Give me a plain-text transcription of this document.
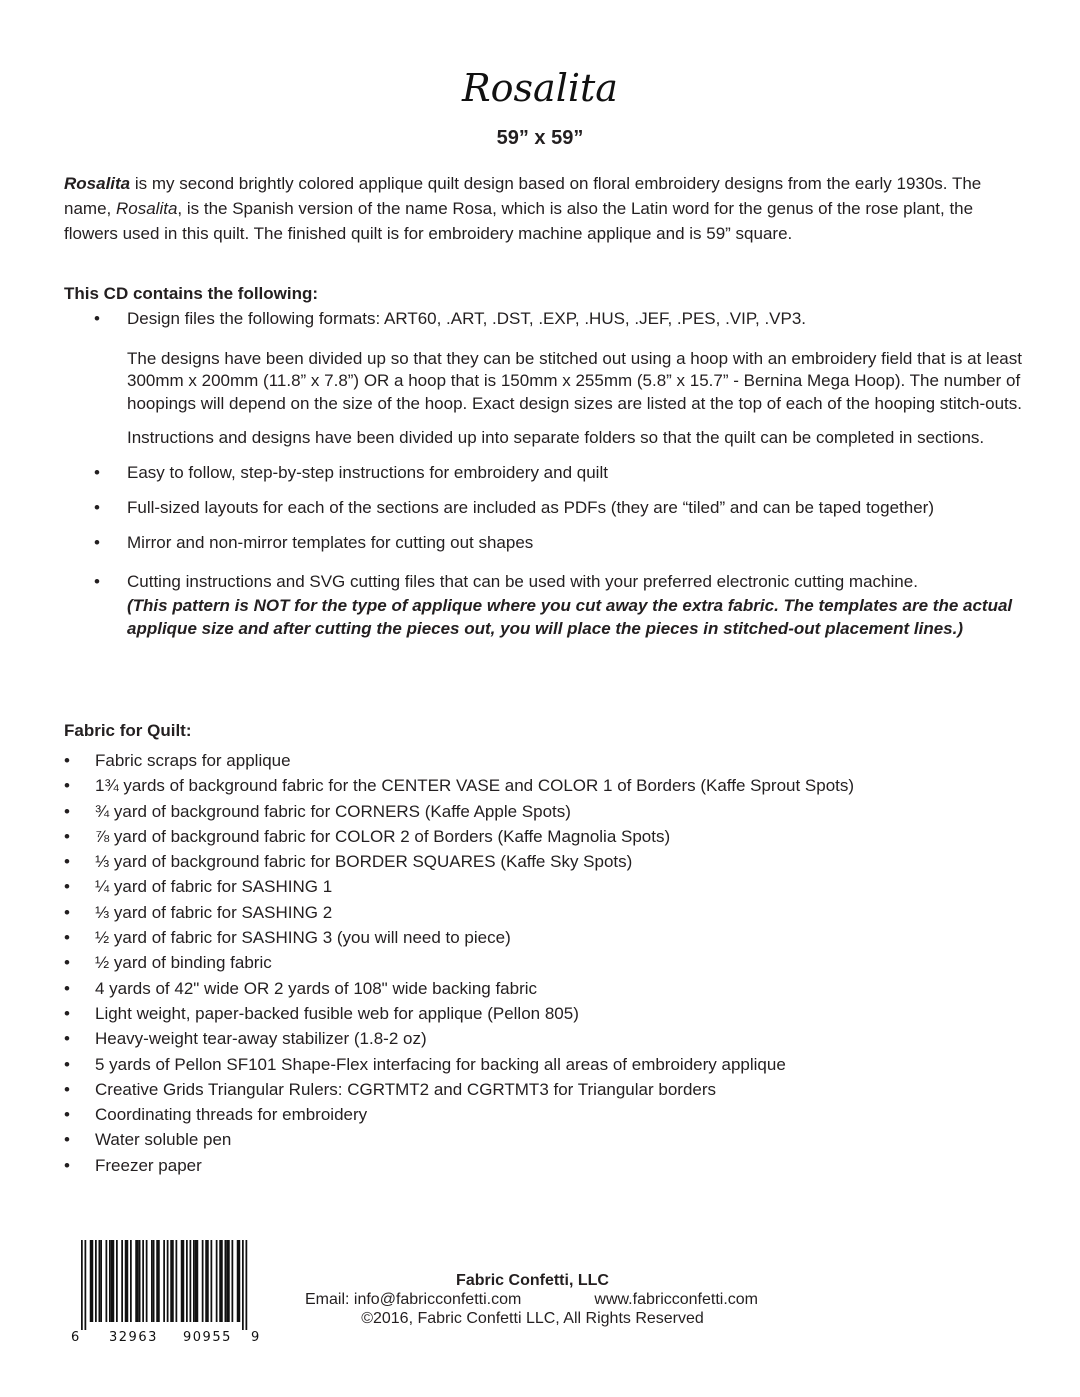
Rosalita
59” x 59”

Rosalita is my second brightly colored applique quilt design based on floral embroidery designs from the early 1930s. The name, Rosalita, is the Spanish version of the name Rosa, which is also the Latin word for the genus of the rose plant, the flowers used in this quilt. The finished quilt is for embroidery machine applique and is 59” square.

This CD contains the following:
• Design files the following formats: ART60, .ART, .DST, .EXP, .HUS, .JEF, .PES, .VIP, .VP3.

The designs have been divided up so that they can be stitched out using a hoop with an embroidery field that is at least 300mm x 200mm (11.8” x 7.8”) OR a hoop that is 150mm x 255mm (5.8” x 15.7” - Bernina Mega Hoop). The number of hoopings will depend on the size of the hoop. Exact design sizes are listed at the top of each of the hooping stitch-outs.

Instructions and designs have been divided up into separate folders so that the quilt can be completed in sections.

• Easy to follow, step-by-step instructions for embroidery and quilt

• Full-sized layouts for each of the sections are included as PDFs (they are “tiled” and can be taped together)

• Mirror and non-mirror templates for cutting out shapes

• Cutting instructions and SVG cutting files that can be used with your preferred electronic cutting machine.

(This pattern is NOT for the type of applique where you cut away the extra fabric. The templates are the actual applique size and after cutting the pieces out, you will place the pieces in stitched-out placement lines.)

Fabric for Quilt:
• Fabric scraps for applique
• 1¾ yards of background fabric for the CENTER VASE and COLOR 1 of Borders (Kaffe Sprout Spots)
• ¾ yard of background fabric for CORNERS (Kaffe Apple Spots)
• ⅞ yard of background fabric for COLOR 2 of Borders (Kaffe Magnolia Spots)
• ⅓ yard of background fabric for BORDER SQUARES (Kaffe Sky Spots)
• ¼ yard of fabric for SASHING 1
• ⅓ yard of fabric for SASHING 2
• ½ yard of fabric for SASHING 3 (you will need to piece)
• ½ yard of binding fabric
• 4 yards of 42" wide OR 2 yards of 108" wide backing fabric
• Light weight, paper-backed fusible web for applique (Pellon 805)
• Heavy-weight tear-away stabilizer (1.8-2 oz)
• 5 yards of Pellon SF101 Shape-Flex interfacing for backing all areas of embroidery applique
• Creative Grids Triangular Rulers: CGRTMT2 and CGRTMT3 for Triangular borders
• Coordinating threads for embroidery
• Water soluble pen
• Freezer paper
6 32963 90955 9
Fabric Confetti, LLC
Email: info@fabricconfetti.com	www.fabricconfetti.com
©2016, Fabric Confetti LLC, All Rights Reserved
